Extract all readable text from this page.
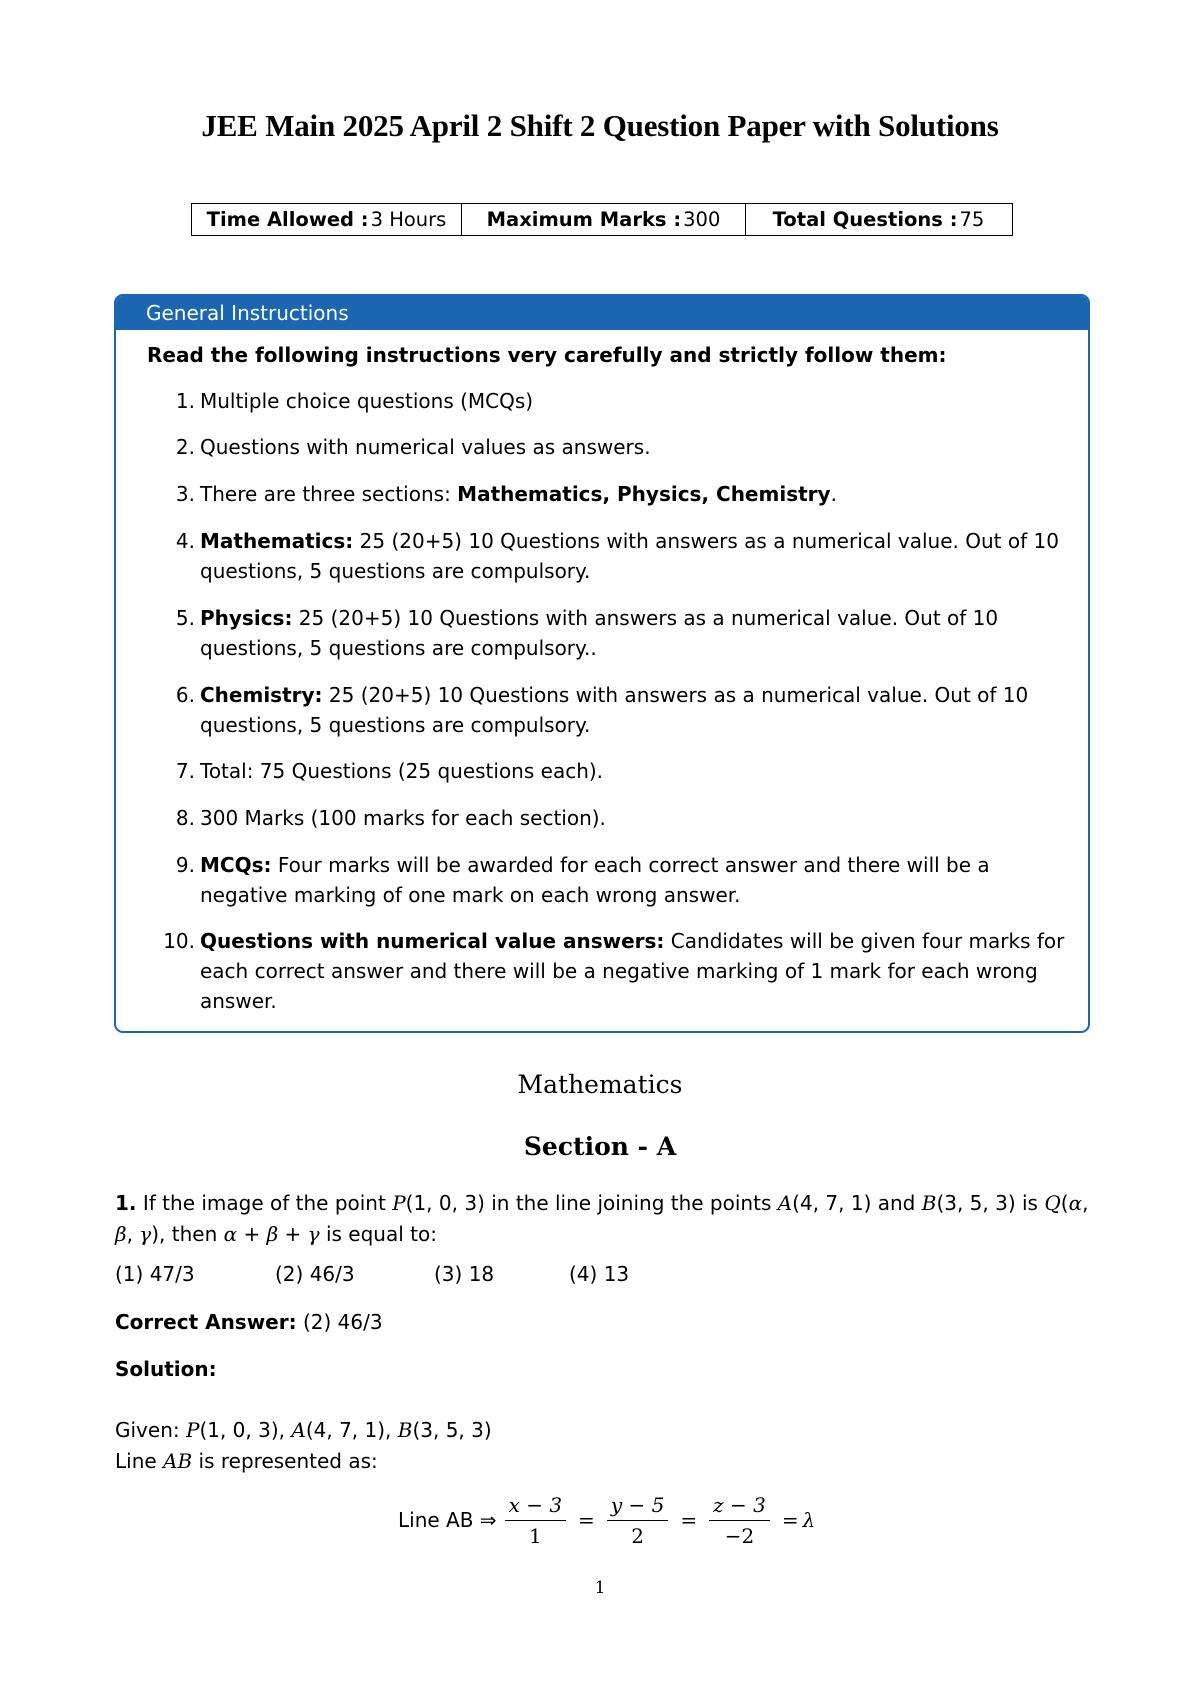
JEE Main 2025 April 2 Shift 2 Question Paper with Solutions
Time Allowed : 3 Hours Maximum Marks : 300	Total Questions : 75
General Instructions
Read the following instructions very carefully and strictly follow them:
1. Multiple choice questions (MCQs)
2. Questions with numerical values as answers.
3. There are three sections: Mathematics, Physics, Chemistry.
4. Mathematics: 25 (20+5) 10 Questions with answers as a numerical value. Out of 10 questions, 5 questions are compulsory.
5. Physics: 25 (20+5) 10 Questions with answers as a numerical value. Out of 10 questions, 5 questions are compulsory..
6. Chemistry: 25 (20+5) 10 Questions with answers as a numerical value. Out of 10 questions, 5 questions are compulsory.
7. Total: 75 Questions (25 questions each).
8. 300 Marks (100 marks for each section).
9. MCQs: Four marks will be awarded for each correct answer and there will be a negative marking of one mark on each wrong answer.
10. Questions with numerical value answers: Candidates will be given four marks for each correct answer and there will be a negative marking of 1 mark for each wrong answer.
Mathematics
Section - A
1. If the image of the point P(1, 0, 3) in the line joining the points A(4, 7, 1) and B(3, 5, 3) is Q(α, β, γ), then α + β + γ is equal to:
(1) 47/3	(2) 46/3	(3) 18	(4) 13
Correct Answer: (2) 46/3
Solution:
Given: P(1, 0, 3), A(4, 7, 1), B(3, 5, 3)
Line AB is represented as:
Line AB ⇒ $\frac{x - 3}{1} = \frac{y - 5}{2} = \frac{z - 3}{-2} = \lambda$
1
